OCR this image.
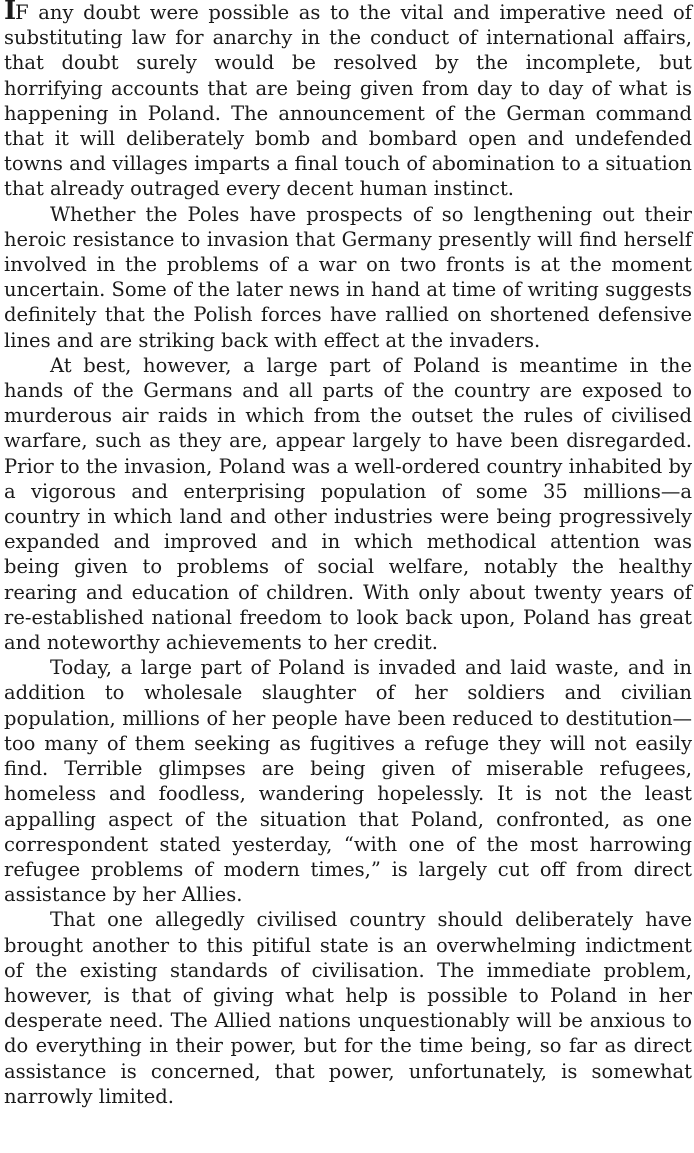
IF any doubt were possible as to the vital and imperative need of substituting law for anarchy in the conduct of international affairs, that doubt surely would be resolved by the incomplete, but horrifying accounts that are being given from day to day of what is happening in Poland. The announcement of the German command that it will deliberately bomb and bombard open and undefended towns and villages imparts a final touch of abomination to a situation that already outraged every decent human instinct.

Whether the Poles have prospects of so lengthening out their heroic resistance to invasion that Germany presently will find herself involved in the problems of a war on two fronts is at the moment uncertain. Some of the later news in hand at time of writing suggests definitely that the Polish forces have rallied on shortened defensive lines and are striking back with effect at the invaders.

At best, however, a large part of Poland is meantime in the hands of the Germans and all parts of the country are exposed to murderous air raids in which from the outset the rules of civilised warfare, such as they are, appear largely to have been disregarded. Prior to the invasion, Poland was a well-ordered country inhabited by a vigorous and enterprising population of some 35 millions—a country in which land and other industries were being progressively expanded and improved and in which methodical attention was being given to problems of social welfare, notably the healthy rearing and education of children. With only about twenty years of re-established national freedom to look back upon, Poland has great and noteworthy achievements to her credit.

Today, a large part of Poland is invaded and laid waste, and in addition to wholesale slaughter of her soldiers and civilian population, millions of her people have been reduced to destitution—too many of them seeking as fugitives a refuge they will not easily find. Terrible glimpses are being given of miserable refugees, homeless and foodless, wandering hopelessly. It is not the least appalling aspect of the situation that Poland, confronted, as one correspondent stated yesterday, “with one of the most harrowing refugee problems of modern times,” is largely cut off from direct assistance by her Allies.

That one allegedly civilised country should deliberately have brought another to this pitiful state is an overwhelming indictment of the existing standards of civilisation. The immediate problem, however, is that of giving what help is possible to Poland in her desperate need. The Allied nations unquestionably will be anxious to do everything in their power, but for the time being, so far as direct assistance is concerned, that power, unfortunately, is somewhat narrowly limited.
